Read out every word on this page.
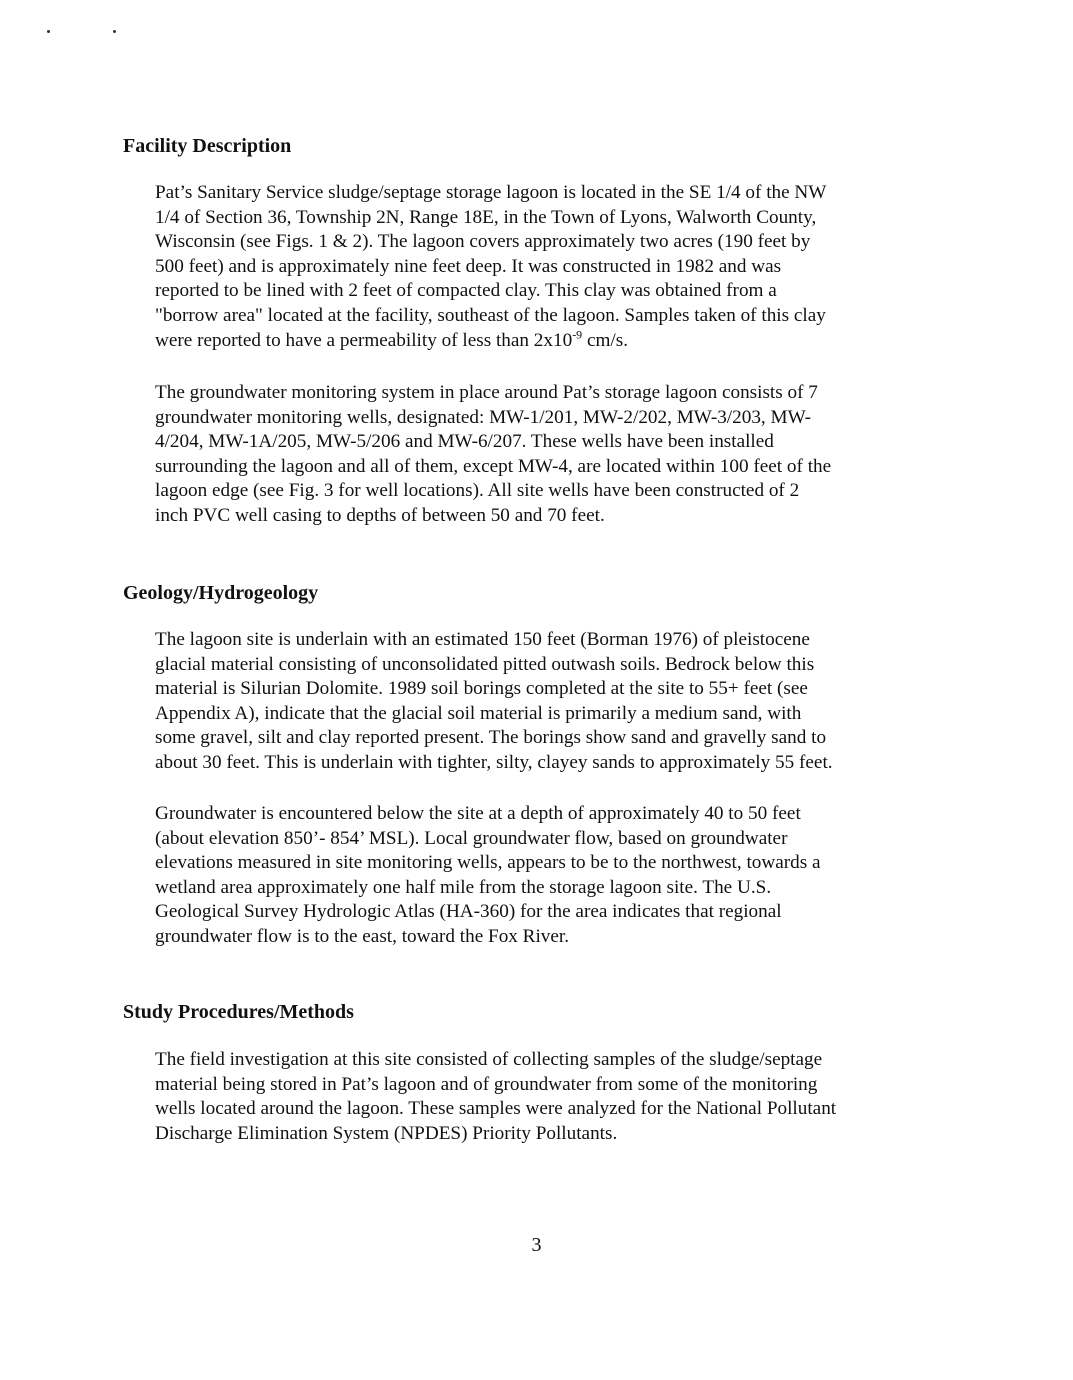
Facility Description

Pat’s Sanitary Service sludge/septage storage lagoon is located in the SE 1/4 of the NW
1/4 of Section 36, Township 2N, Range 18E, in the Town of Lyons, Walworth County,
Wisconsin (see Figs. 1 & 2). The lagoon covers approximately two acres (190 feet by
500 feet) and is approximately nine feet deep. It was constructed in 1982 and was
reported to be lined with 2 feet of compacted clay. This clay was obtained from a
"borrow area" located at the facility, southeast of the lagoon. Samples taken of this clay
were reported to have a permeability of less than $2x10^{-9}$ cm/s.

The groundwater monitoring system in place around Pat’s storage lagoon consists of 7
groundwater monitoring wells, designated: MW-1/201, MW-2/202, MW-3/203, MW-
4/204, MW-1A/205, MW-5/206 and MW-6/207. These wells have been installed
surrounding the lagoon and all of them, except MW-4, are located within 100 feet of the
lagoon edge (see Fig. 3 for well locations). All site wells have been constructed of 2
inch PVC well casing to depths of between 50 and 70 feet.

Geology/Hydrogeology

The lagoon site is underlain with an estimated 150 feet (Borman 1976) of pleistocene
glacial material consisting of unconsolidated pitted outwash soils. Bedrock below this
material is Silurian Dolomite. 1989 soil borings completed at the site to 55+ feet (see
Appendix A), indicate that the glacial soil material is primarily a medium sand, with
some gravel, silt and clay reported present. The borings show sand and gravelly sand to
about 30 feet. This is underlain with tighter, silty, clayey sands to approximately 55 feet.

Groundwater is encountered below the site at a depth of approximately 40 to 50 feet
(about elevation 850’- 854’ MSL). Local groundwater flow, based on groundwater
elevations measured in site monitoring wells, appears to be to the northwest, towards a
wetland area approximately one half mile from the storage lagoon site. The U.S.
Geological Survey Hydrologic Atlas (HA-360) for the area indicates that regional
groundwater flow is to the east, toward the Fox River.

Study Procedures/Methods

The field investigation at this site consisted of collecting samples of the sludge/septage
material being stored in Pat’s lagoon and of groundwater from some of the monitoring
wells located around the lagoon. These samples were analyzed for the National Pollutant
Discharge Elimination System (NPDES) Priority Pollutants.

3
